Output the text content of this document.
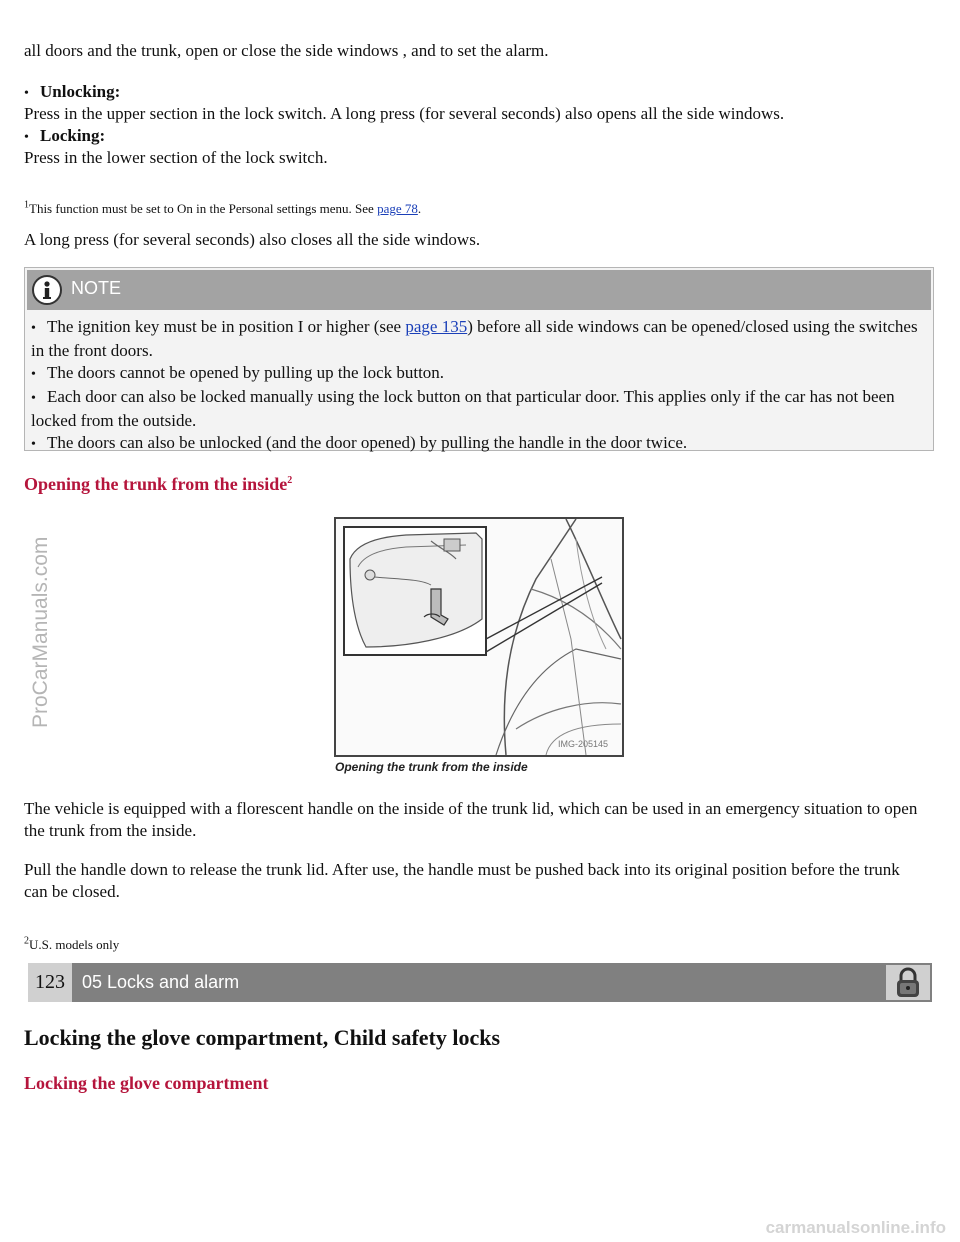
ProCarManuals.com

all doors and the trunk, open or close the side windows , and to set the alarm.

• Unlocking:

Press in the upper section in the lock switch. A long press (for several seconds) also opens all the side windows.

• Locking:

Press in the lower section of the lock switch.

$^1$This function must be set to On in the Personal settings menu. See page 78.

A long press (for several seconds) also closes all the side windows.

NOTE

• The ignition key must be in position I or higher (see page 135) before all side windows can be opened/closed using the switches in the front doors.

• The doors cannot be opened by pulling up the lock button.

• Each door can also be locked manually using the lock button on that particular door. This applies only if the car has not been locked from the outside.

• The doors can also be unlocked (and the door opened) by pulling the handle in the door twice.

Opening the trunk from the inside$^2$
IMG-205145
Opening the trunk from the inside

The vehicle is equipped with a florescent handle on the inside of the trunk lid, which can be used in an emergency situation to open the trunk from the inside.

Pull the handle down to release the trunk lid. After use, the handle must be pushed back into its original position before the trunk can be closed.

$^2$U.S. models only

123 05 Locks and alarm
Locking the glove compartment, Child safety locks
Locking the glove compartment
carmanualsonline.info
